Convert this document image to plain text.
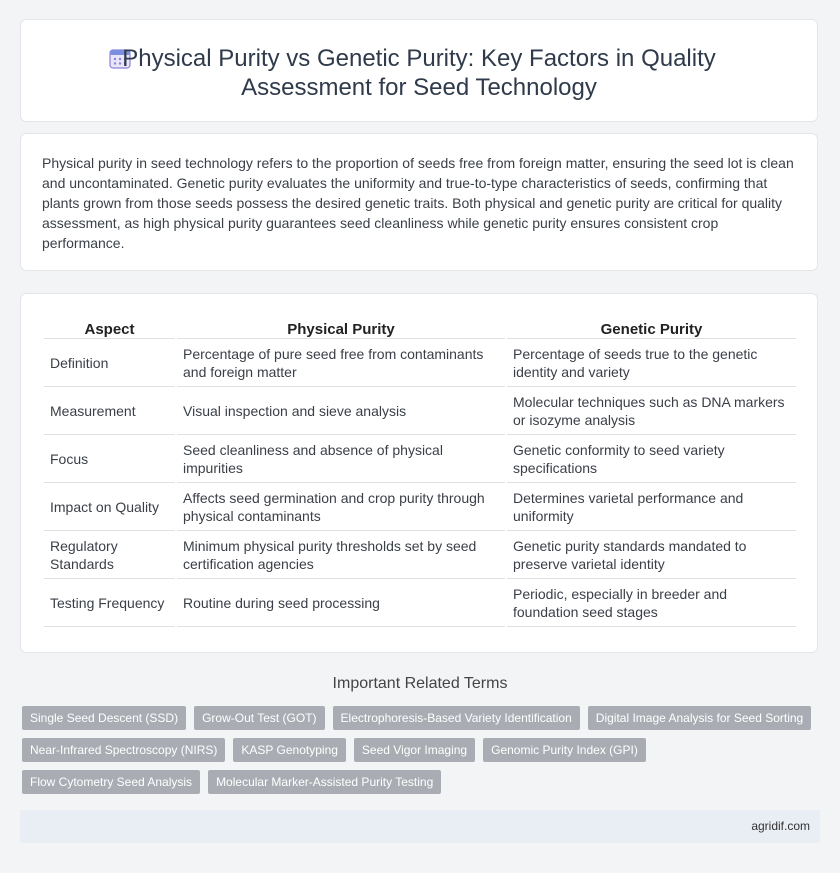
Physical Purity vs Genetic Purity: Key Factors in Quality Assessment for Seed Technology
Physical purity in seed technology refers to the proportion of seeds free from foreign matter, ensuring the seed lot is clean and uncontaminated. Genetic purity evaluates the uniformity and true-to-type characteristics of seeds, confirming that plants grown from those seeds possess the desired genetic traits. Both physical and genetic purity are critical for quality assessment, as high physical purity guarantees seed cleanliness while genetic purity ensures consistent crop performance.
Aspect	Physical Purity	Genetic Purity
Definition	Percentage of pure seed free from contaminants and foreign matter	Percentage of seeds true to the genetic identity and variety
Measurement	Visual inspection and sieve analysis	Molecular techniques such as DNA markers or isozyme analysis
Focus	Seed cleanliness and absence of physical impurities	Genetic conformity to seed variety specifications
Impact on Quality	Affects seed germination and crop purity through physical contaminants	Determines varietal performance and uniformity
Regulatory Standards	Minimum physical purity thresholds set by seed certification agencies	Genetic purity standards mandated to preserve varietal identity
Testing Frequency	Routine during seed processing	Periodic, especially in breeder and foundation seed stages
Important Related Terms
Single Seed Descent (SSD)	Grow-Out Test (GOT)	Electrophoresis-Based Variety Identification	Digital Image Analysis for Seed Sorting
Near-Infrared Spectroscopy (NIRS)	KASP Genotyping	Seed Vigor Imaging	Genomic Purity Index (GPI)
Flow Cytometry Seed Analysis	Molecular Marker-Assisted Purity Testing
agridif.com
